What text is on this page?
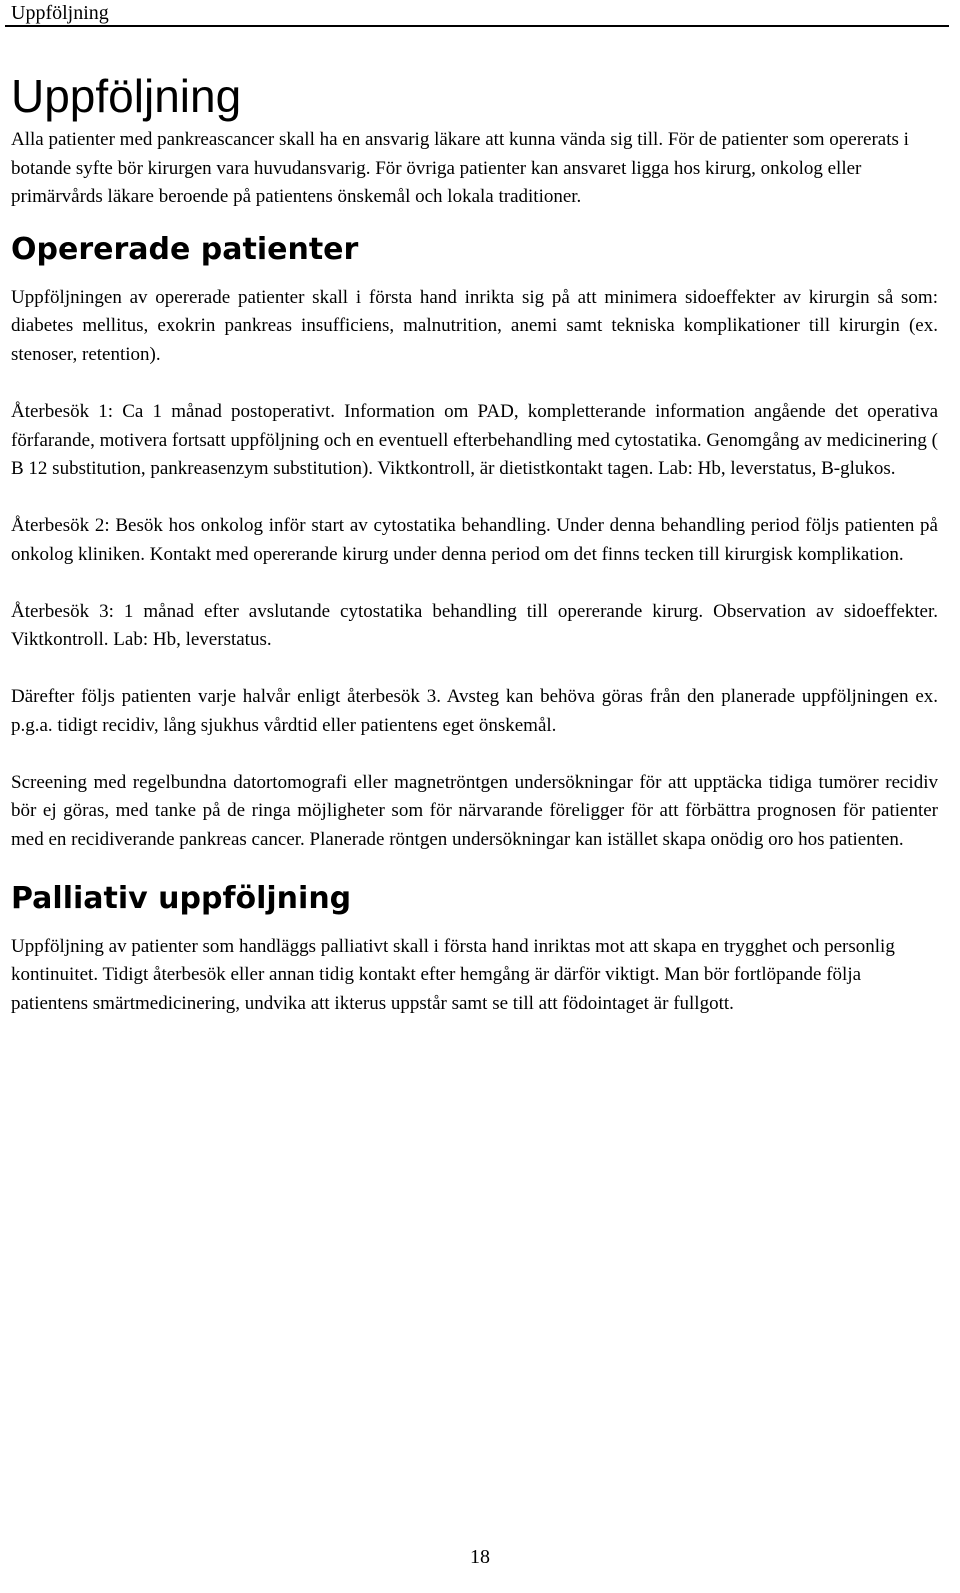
Uppföljning
Uppföljning

Alla patienter med pankreascancer skall ha en ansvarig läkare att kunna vända sig till. För de patienter som opererats i botande syfte bör kirurgen vara huvudansvarig. För övriga patienter kan ansvaret ligga hos kirurg, onkolog eller primärvårds läkare beroende på patientens önskemål och lokala traditioner.

Opererade patienter

Uppföljningen av opererade patienter skall i första hand inrikta sig på att minimera sidoeffekter av kirurgin så som: diabetes mellitus, exokrin pankreas insufficiens, malnutrition, anemi samt tekniska komplikationer till kirurgin (ex. stenoser, retention).

Återbesök 1: Ca 1 månad postoperativt. Information om PAD, kompletterande information angående det operativa förfarande, motivera fortsatt uppföljning och en eventuell efterbehandling med cytostatika. Genomgång av medicinering ( B 12 substitution, pankreasenzym substitution). Viktkontroll, är dietistkontakt tagen. Lab: Hb, leverstatus, B-glukos.

Återbesök 2: Besök hos onkolog inför start av cytostatika behandling. Under denna behandling period följs patienten på onkolog kliniken. Kontakt med opererande kirurg under denna period om det finns tecken till kirurgisk komplikation.

Återbesök 3: 1 månad efter avslutande cytostatika behandling till opererande kirurg. Observation av sidoeffekter. Viktkontroll. Lab: Hb, leverstatus.

Därefter följs patienten varje halvår enligt återbesök 3. Avsteg kan behöva göras från den planerade uppföljningen ex. p.g.a. tidigt recidiv, lång sjukhus vårdtid eller patientens eget önskemål.

Screening med regelbundna datortomografi eller magnetröntgen undersökningar för att upptäcka tidiga tumörer recidiv bör ej göras, med tanke på de ringa möjligheter som för närvarande föreligger för att förbättra prognosen för patienter med en recidiverande pankreas cancer. Planerade röntgen undersökningar kan istället skapa onödig oro hos patienten.

Palliativ uppföljning

Uppföljning av patienter som handläggs palliativt skall i första hand inriktas mot att skapa en trygghet och personlig kontinuitet. Tidigt återbesök eller annan tidig kontakt efter hemgång är därför viktigt. Man bör fortlöpande följa patientens smärtmedicinering, undvika att ikterus uppstår samt se till att födointaget är fullgott.

18
